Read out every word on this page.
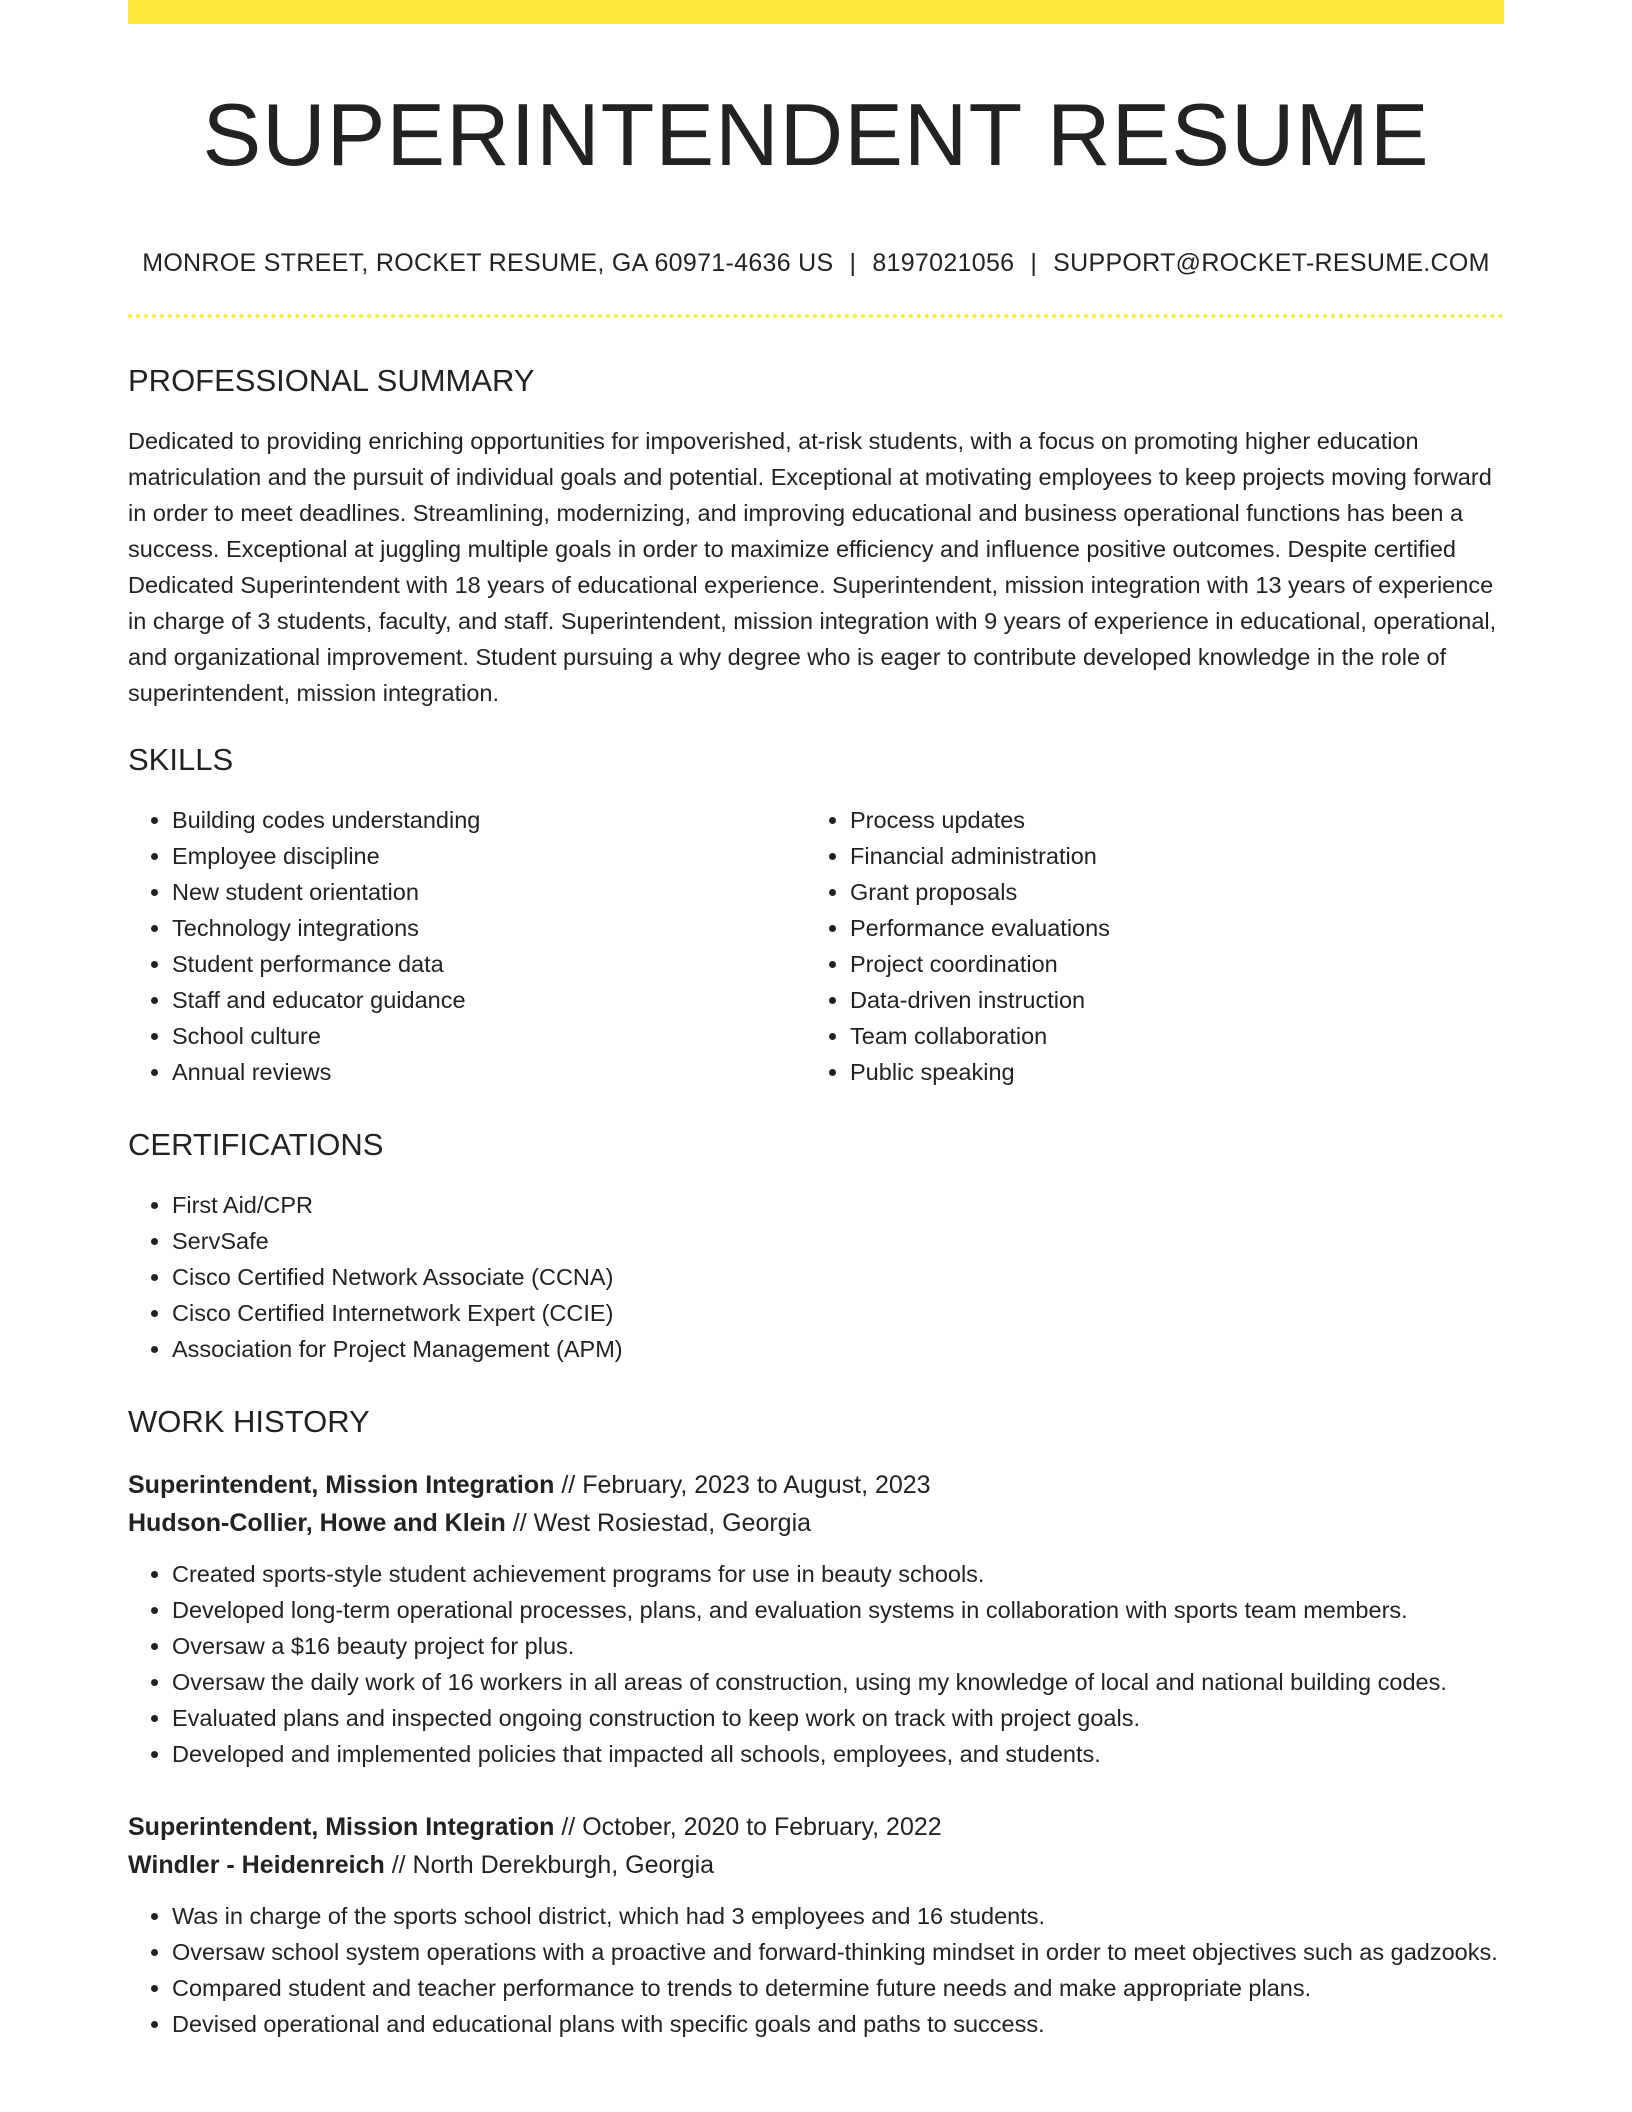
SUPERINTENDENT RESUME
MONROE STREET, ROCKET RESUME, GA 60971-4636 US | 8197021056 | SUPPORT@ROCKET-RESUME.COM
PROFESSIONAL SUMMARY

Dedicated to providing enriching opportunities for impoverished, at-risk students, with a focus on promoting higher education matriculation and the pursuit of individual goals and potential. Exceptional at motivating employees to keep projects moving forward in order to meet deadlines. Streamlining, modernizing, and improving educational and business operational functions has been a success. Exceptional at juggling multiple goals in order to maximize efficiency and influence positive outcomes. Despite certified Dedicated Superintendent with 18 years of educational experience. Superintendent, mission integration with 13 years of experience in charge of 3 students, faculty, and staff. Superintendent, mission integration with 9 years of experience in educational, operational, and organizational improvement. Student pursuing a why degree who is eager to contribute developed knowledge in the role of superintendent, mission integration.

SKILLS
• Building codes understanding
• Employee discipline
• New student orientation
• Technology integrations
• Student performance data
• Staff and educator guidance
• School culture
• Annual reviews
• Process updates
• Financial administration
• Grant proposals
• Performance evaluations
• Project coordination
• Data-driven instruction
• Team collaboration
• Public speaking
CERTIFICATIONS
• First Aid/CPR
• ServSafe
• Cisco Certified Network Associate (CCNA)
• Cisco Certified Internetwork Expert (CCIE)
• Association for Project Management (APM)
WORK HISTORY
Superintendent, Mission Integration // February, 2023 to August, 2023
Hudson-Collier, Howe and Klein // West Rosiestad, Georgia
• Created sports-style student achievement programs for use in beauty schools.
• Developed long-term operational processes, plans, and evaluation systems in collaboration with sports team members.
• Oversaw a $16 beauty project for plus.
• Oversaw the daily work of 16 workers in all areas of construction, using my knowledge of local and national building codes.
• Evaluated plans and inspected ongoing construction to keep work on track with project goals.
• Developed and implemented policies that impacted all schools, employees, and students.
Superintendent, Mission Integration // October, 2020 to February, 2022
Windler - Heidenreich // North Derekburgh, Georgia
• Was in charge of the sports school district, which had 3 employees and 16 students.
• Oversaw school system operations with a proactive and forward-thinking mindset in order to meet objectives such as gadzooks.
• Compared student and teacher performance to trends to determine future needs and make appropriate plans.
• Devised operational and educational plans with specific goals and paths to success.
